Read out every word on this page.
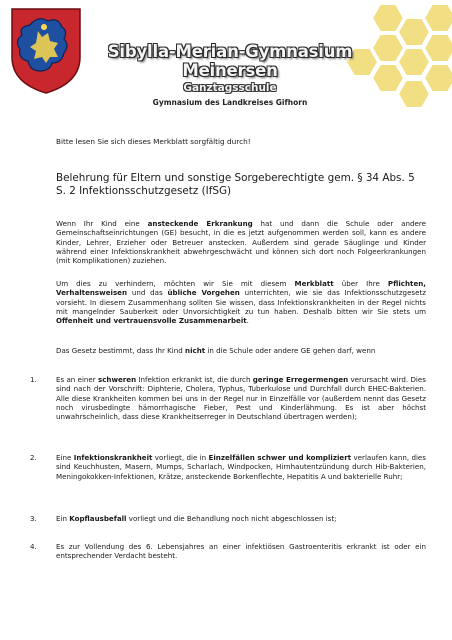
Sibylla-Merian-Gymnasium Meinersen
Ganztagsschule
Gymnasium des Landkreises Gifhorn
Bitte lesen Sie sich dieses Merkblatt sorgfältig durch!
Belehrung für Eltern und sonstige Sorgeberechtigte gem. § 34 Abs. 5 S. 2 Infektionsschutzgesetz (IfSG)
Wenn Ihr Kind eine ansteckende Erkrankung hat und dann die Schule oder andere Gemeinschaftseinrichtungen (GE) besucht, in die es jetzt aufgenommen werden soll, kann es andere Kinder, Lehrer, Erzieher oder Betreuer anstecken. Außerdem sind gerade Säuglinge und Kinder während einer Infektionskrankheit abwehrgeschwächt und können sich dort noch Folgeerkrankungen (mit Komplikationen) zuziehen.
Um dies zu verhindern, möchten wir Sie mit diesem Merkblatt über Ihre Pflichten, Verhaltensweisen und das übliche Vorgehen unterrichten, wie sie das Infektionsschutzgesetz vorsieht. In diesem Zusammenhang sollten Sie wissen, dass Infektionskrankheiten in der Regel nichts mit mangelnder Sauberkeit oder Unvorsichtigkeit zu tun haben. Deshalb bitten wir Sie stets um Offenheit und vertrauensvolle Zusammenarbeit.
Das Gesetz bestimmt, dass Ihr Kind nicht in die Schule oder andere GE gehen darf, wenn
1.	Es an einer schweren Infektion erkrankt ist, die durch geringe Erregermengen verursacht wird. Dies sind nach der Vorschrift: Diphterie, Cholera, Typhus, Tuberkulose und Durchfall durch EHEC-Bakterien. Alle diese Krankheiten kommen bei uns in der Regel nur in Einzelfälle vor (außerdem nennt das Gesetz noch virusbedingte hämorrhagische Fieber, Pest und Kinderlähmung. Es ist aber höchst unwahrscheinlich, dass diese Krankheitserreger in Deutschland übertragen werden);
2.	Eine Infektionskrankheit vorliegt, die in Einzelfällen schwer und kompliziert verlaufen kann, dies sind Keuchhusten, Masern, Mumps, Scharlach, Windpocken, Hirnhautentzündung durch Hib-Bakterien, Meningokokken-Infektionen, Krätze, ansteckende Borkenflechte, Hepatitis A und bakterielle Ruhr;
3.	Ein Kopflausbefall vorliegt und die Behandlung noch nicht abgeschlossen ist;
4.	Es zur Vollendung des 6. Lebensjahres an einer infektiösen Gastroenteritis erkrankt ist oder ein entsprechender Verdacht besteht.
